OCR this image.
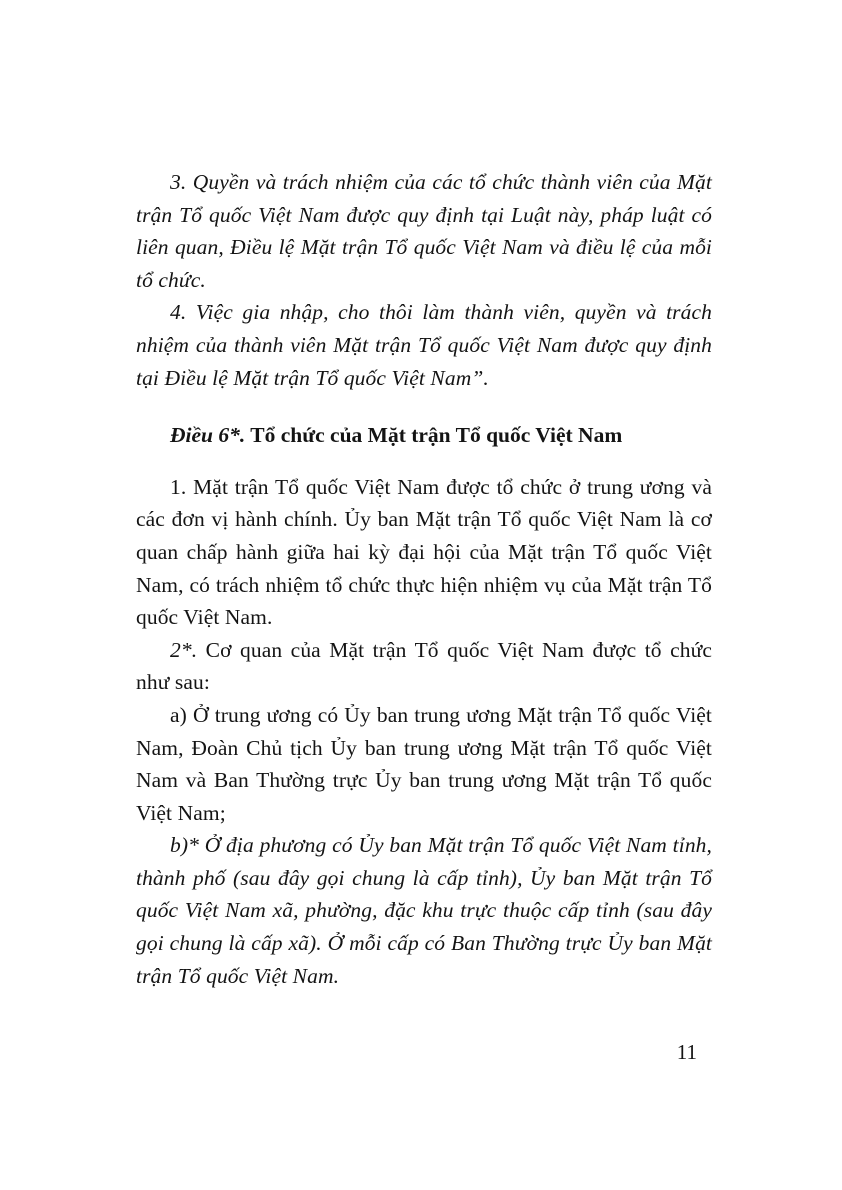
3. Quyền và trách nhiệm của các tổ chức thành viên của Mặt trận Tổ quốc Việt Nam được quy định tại Luật này, pháp luật có liên quan, Điều lệ Mặt trận Tổ quốc Việt Nam và điều lệ của mỗi tổ chức.

4. Việc gia nhập, cho thôi làm thành viên, quyền và trách nhiệm của thành viên Mặt trận Tổ quốc Việt Nam được quy định tại Điều lệ Mặt trận Tổ quốc Việt Nam”.

Điều 6*. Tổ chức của Mặt trận Tổ quốc Việt Nam

1. Mặt trận Tổ quốc Việt Nam được tổ chức ở trung ương và các đơn vị hành chính. Ủy ban Mặt trận Tổ quốc Việt Nam là cơ quan chấp hành giữa hai kỳ đại hội của Mặt trận Tổ quốc Việt Nam, có trách nhiệm tổ chức thực hiện nhiệm vụ của Mặt trận Tổ quốc Việt Nam.

2*. Cơ quan của Mặt trận Tổ quốc Việt Nam được tổ chức như sau:

a) Ở trung ương có Ủy ban trung ương Mặt trận Tổ quốc Việt Nam, Đoàn Chủ tịch Ủy ban trung ương Mặt trận Tổ quốc Việt Nam và Ban Thường trực Ủy ban trung ương Mặt trận Tổ quốc Việt Nam;

b)* Ở địa phương có Ủy ban Mặt trận Tổ quốc Việt Nam tỉnh, thành phố (sau đây gọi chung là cấp tỉnh), Ủy ban Mặt trận Tổ quốc Việt Nam xã, phường, đặc khu trực thuộc cấp tỉnh (sau đây gọi chung là cấp xã). Ở mỗi cấp có Ban Thường trực Ủy ban Mặt trận Tổ quốc Việt Nam.

11
